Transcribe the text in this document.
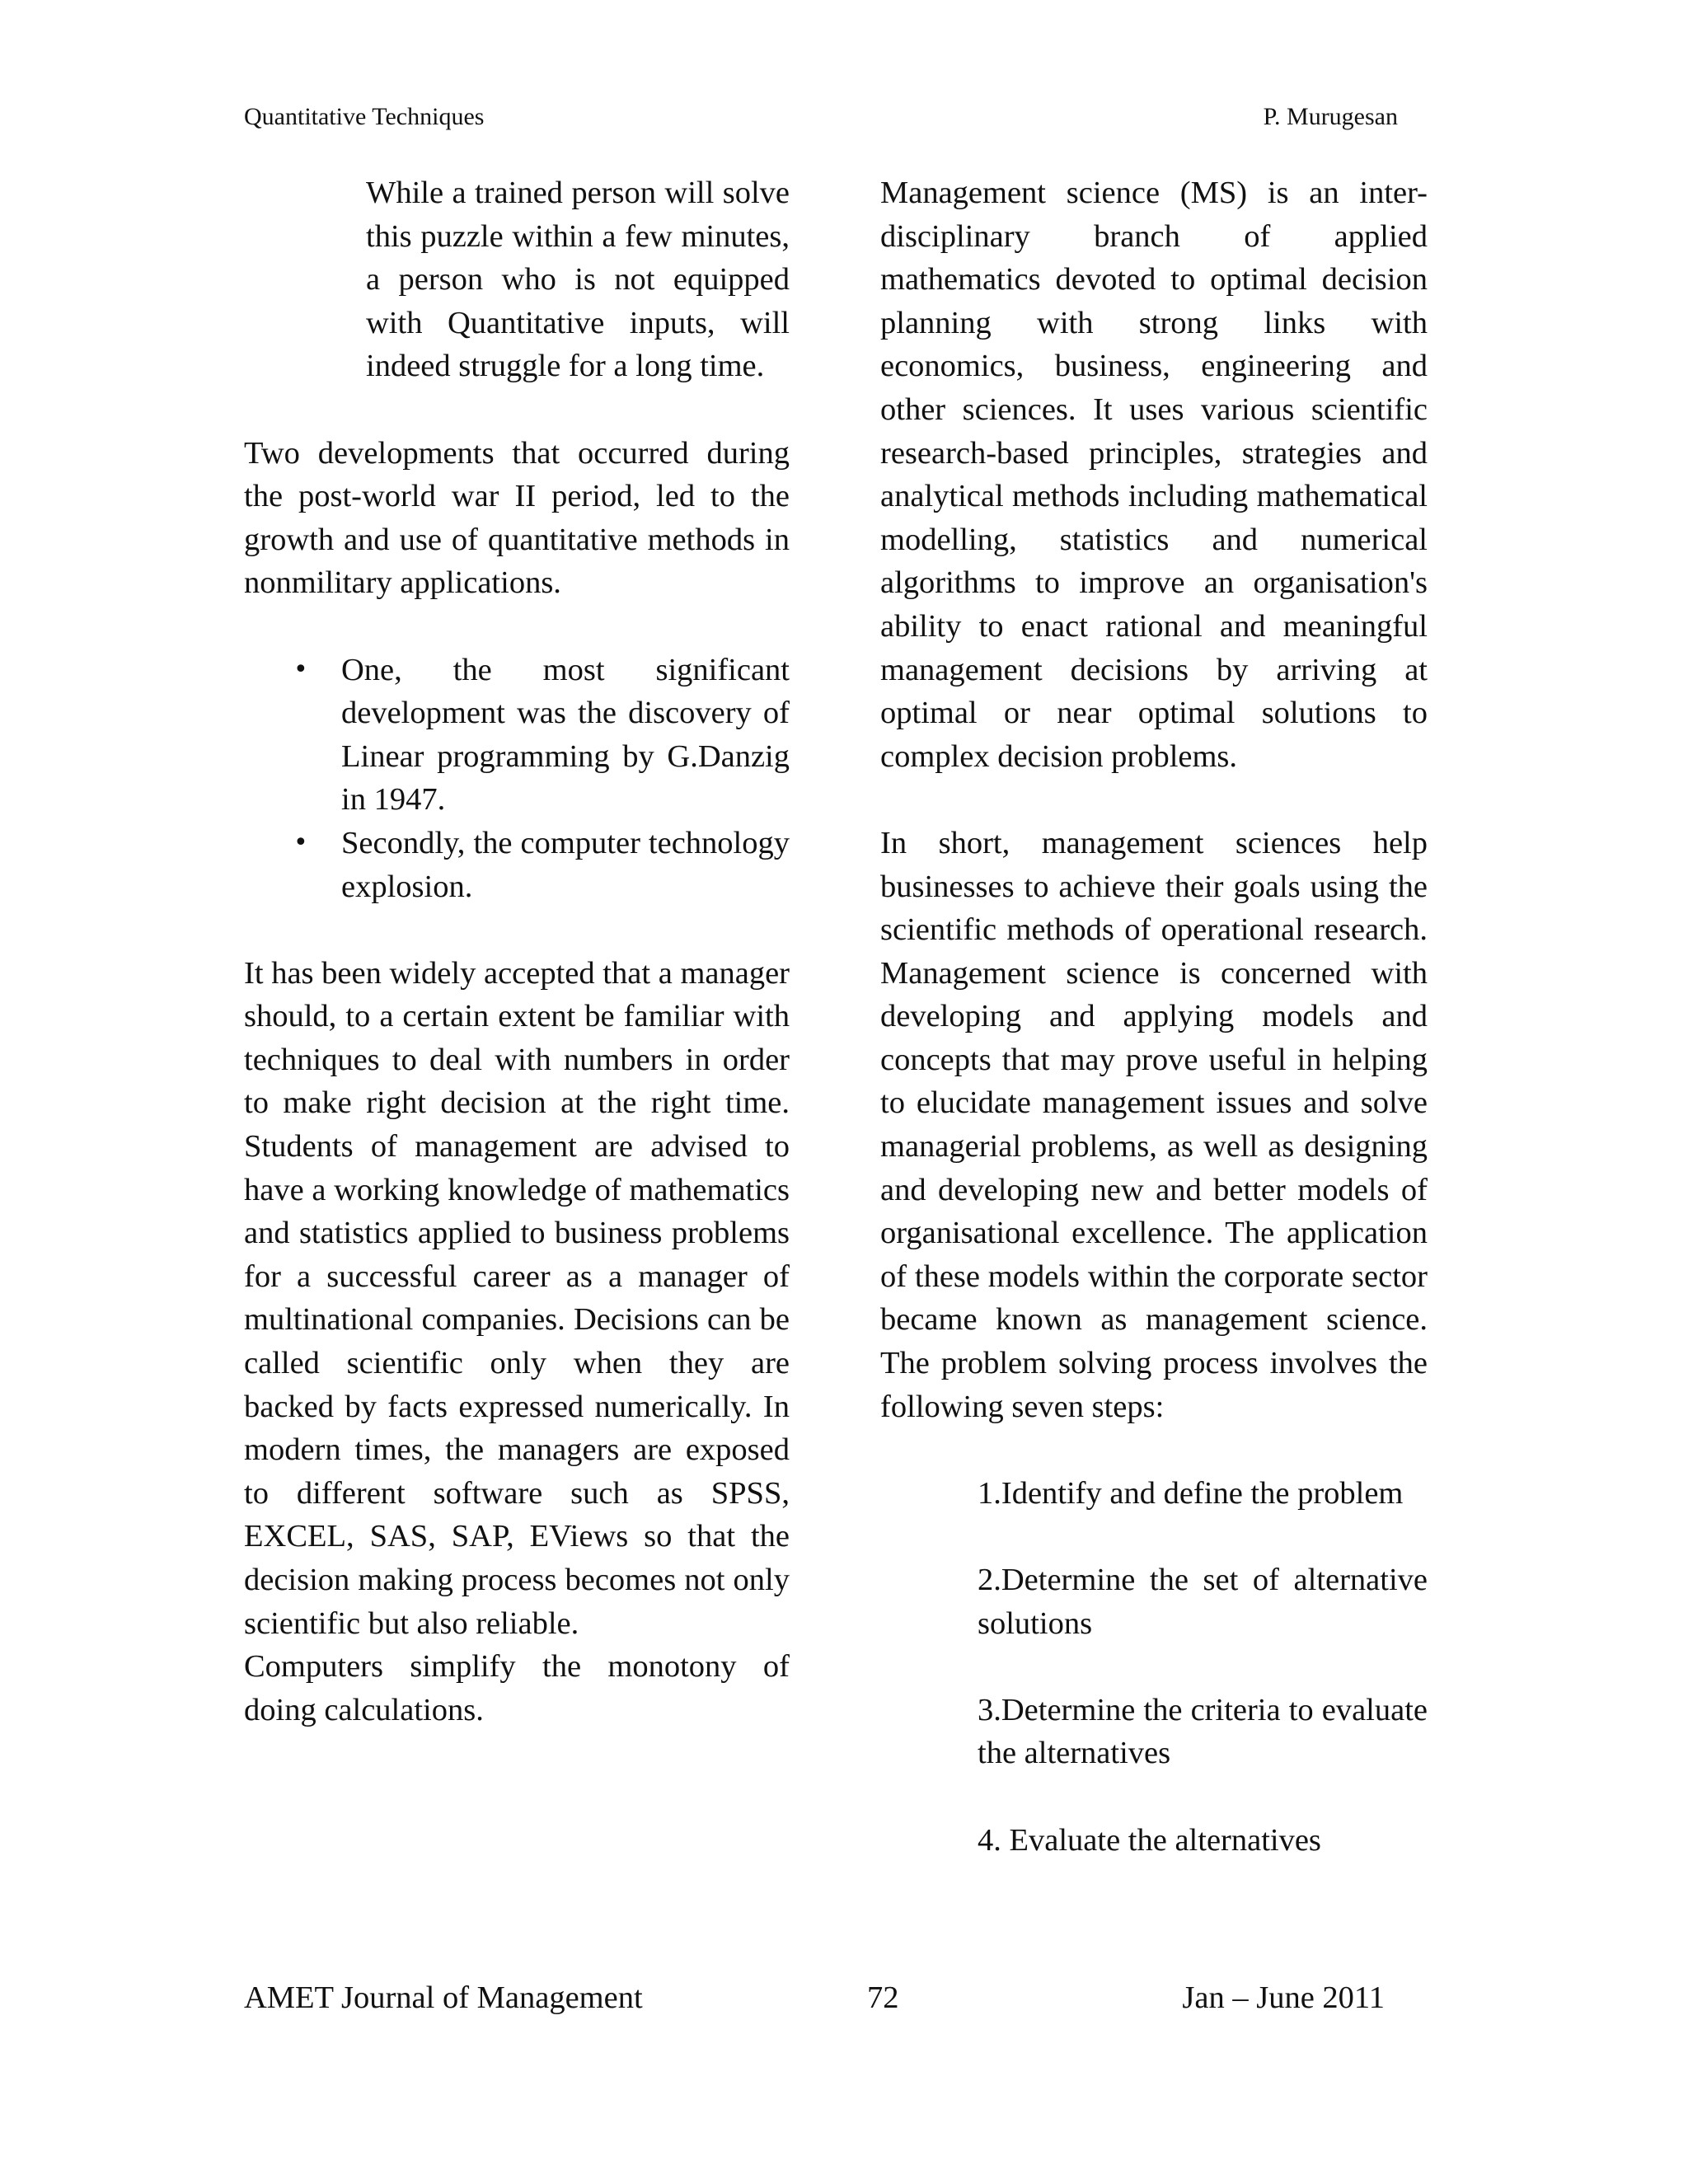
Quantitative Techniques	P. Murugesan

While a trained person will solve this puzzle within a few minutes, a person who is not equipped with Quantitative inputs, will indeed struggle for a long time.

Two developments that occurred during the post-world war II period, led to the growth and use of quantitative methods in nonmilitary applications.

• One, the most significant development was the discovery of Linear programming by G.Danzig in 1947.
• Secondly, the computer technology explosion.

It has been widely accepted that a manager should, to a certain extent be familiar with techniques to deal with numbers in order to make right decision at the right time. Students of management are advised to have a working knowledge of mathematics and statistics applied to business problems for a successful career as a manager of multinational companies. Decisions can be called scientific only when they are backed by facts expressed numerically. In modern times, the managers are exposed to different software such as SPSS, EXCEL, SAS, SAP, EViews so that the decision making process becomes not only scientific but also reliable.

Computers simplify the monotony of doing calculations.

Management science (MS) is an inter-disciplinary branch of applied mathematics devoted to optimal decision planning with strong links with economics, business, engineering and other sciences. It uses various scientific research-based principles, strategies and analytical methods including mathematical modelling, statistics and numerical algorithms to improve an organisation's ability to enact rational and meaningful management decisions by arriving at optimal or near optimal solutions to complex decision problems.

In short, management sciences help businesses to achieve their goals using the scientific methods of operational research. Management science is concerned with developing and applying models and concepts that may prove useful in helping to elucidate management issues and solve managerial problems, as well as designing and developing new and better models of organisational excellence. The application of these models within the corporate sector became known as management science. The problem solving process involves the following seven steps:

1.Identify and define the problem
2.Determine the set of alternative solutions
3.Determine the criteria to evaluate the alternatives
4. Evaluate the alternatives
AMET Journal of Management	72	Jan – June 2011
